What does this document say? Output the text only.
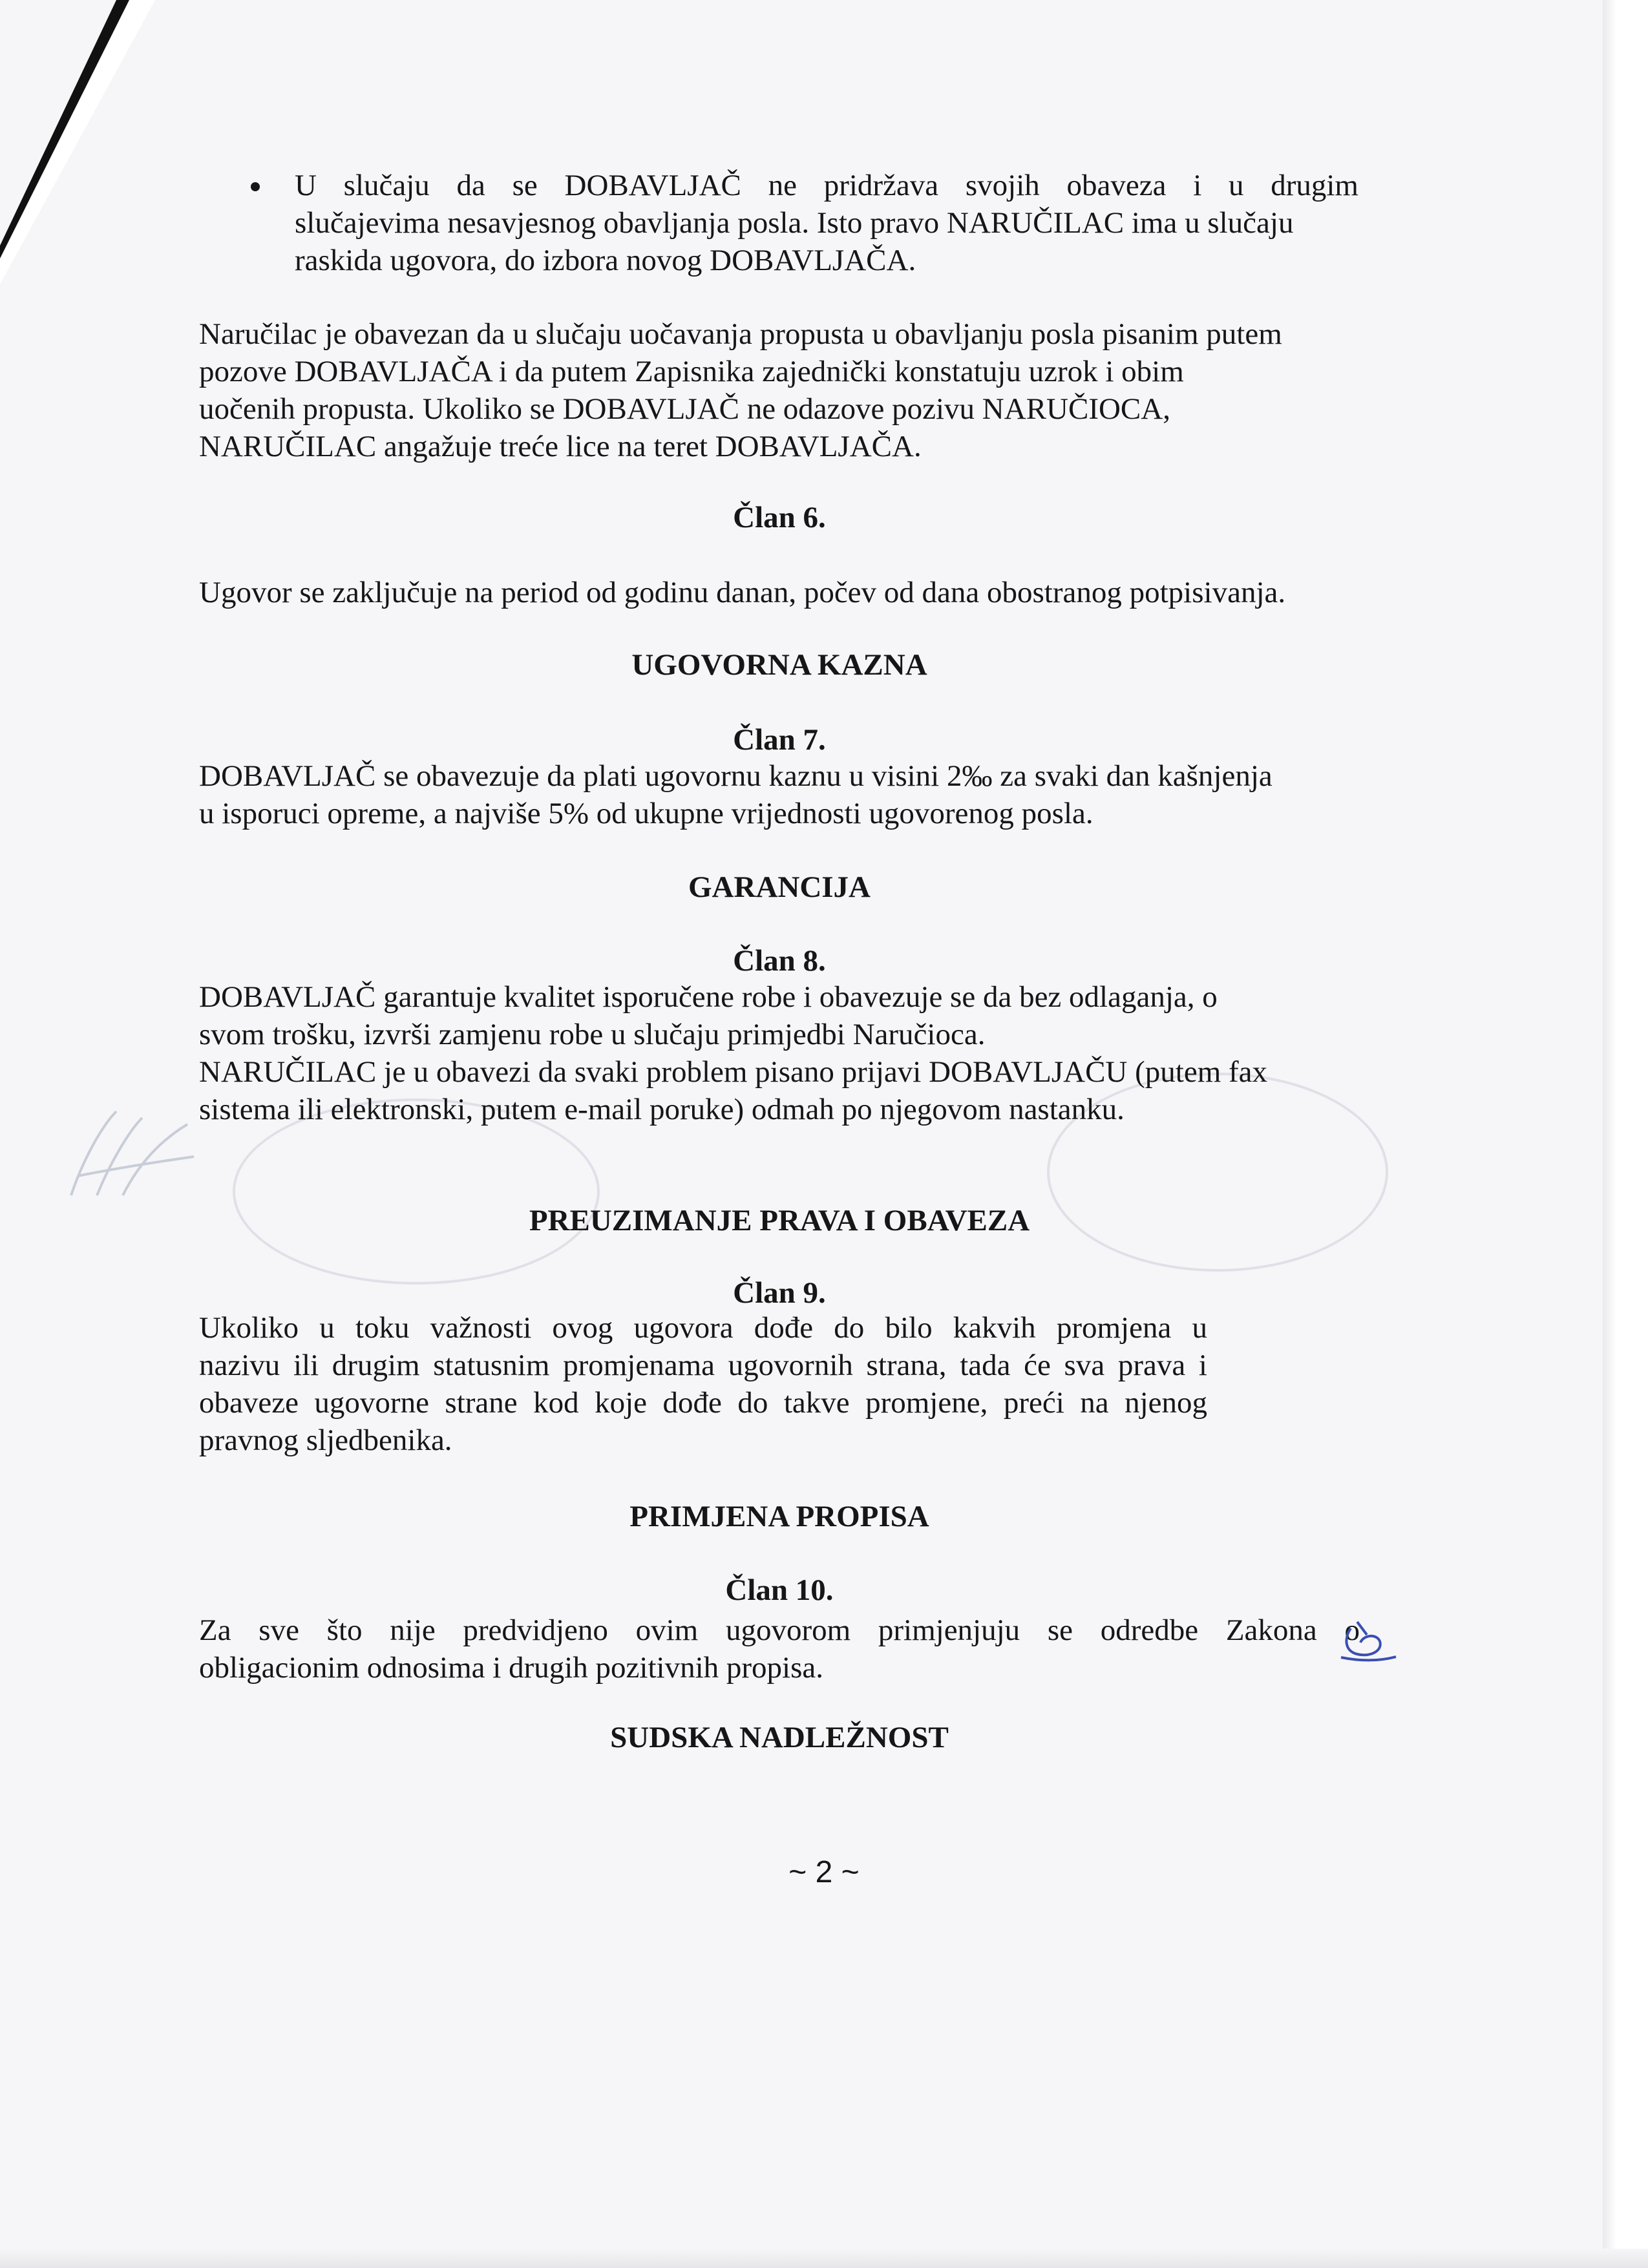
U slučaju da se DOBAVLJAČ ne pridržava svojih obaveza i u drugim
slučajevima nesavjesnog obavljanja posla. Isto pravo NARUČILAC ima u slučaju
raskida ugovora, do izbora novog DOBAVLJAČA.
Naručilac je obavezan da u slučaju uočavanja propusta u obavljanju posla pisanim putem
pozove DOBAVLJAČA i da putem Zapisnika zajednički konstatuju uzrok i obim
uočenih propusta. Ukoliko se DOBAVLJAČ ne odazove pozivu NARUČIOCA,
NARUČILAC angažuje treće lice na teret DOBAVLJAČA.
Član 6.
Ugovor se zaključuje na period od godinu danan, počev od dana obostranog potpisivanja.
UGOVORNA KAZNA
Član 7.
DOBAVLJAČ se obavezuje da plati ugovornu kaznu u visini 2‰ za svaki dan kašnjenja
u isporuci opreme, a najviše 5% od ukupne vrijednosti ugovorenog posla.
GARANCIJA
Član 8.
DOBAVLJAČ garantuje kvalitet isporučene robe i obavezuje se da bez odlaganja, o
svom trošku, izvrši zamjenu robe u slučaju primjedbi Naručioca.
NARUČILAC je u obavezi da svaki problem pisano prijavi DOBAVLJAČU (putem fax
sistema ili elektronski, putem e-mail poruke) odmah po njegovom nastanku.
PREUZIMANJE PRAVA I OBAVEZA
Član 9.
Ukoliko u toku važnosti ovog ugovora dođe do bilo kakvih promjena u
nazivu ili drugim statusnim promjenama ugovornih strana, tada će sva prava i
obaveze ugovorne strane kod koje dođe do takve promjene, preći na njenog
pravnog sljedbenika.
PRIMJENA PROPISA
Član 10.
Za sve što nije predvidjeno ovim ugovorom primjenjuju se odredbe Zakona o
obligacionim odnosima i drugih pozitivnih propisa.
SUDSKA NADLEŽNOST
~ 2 ~
